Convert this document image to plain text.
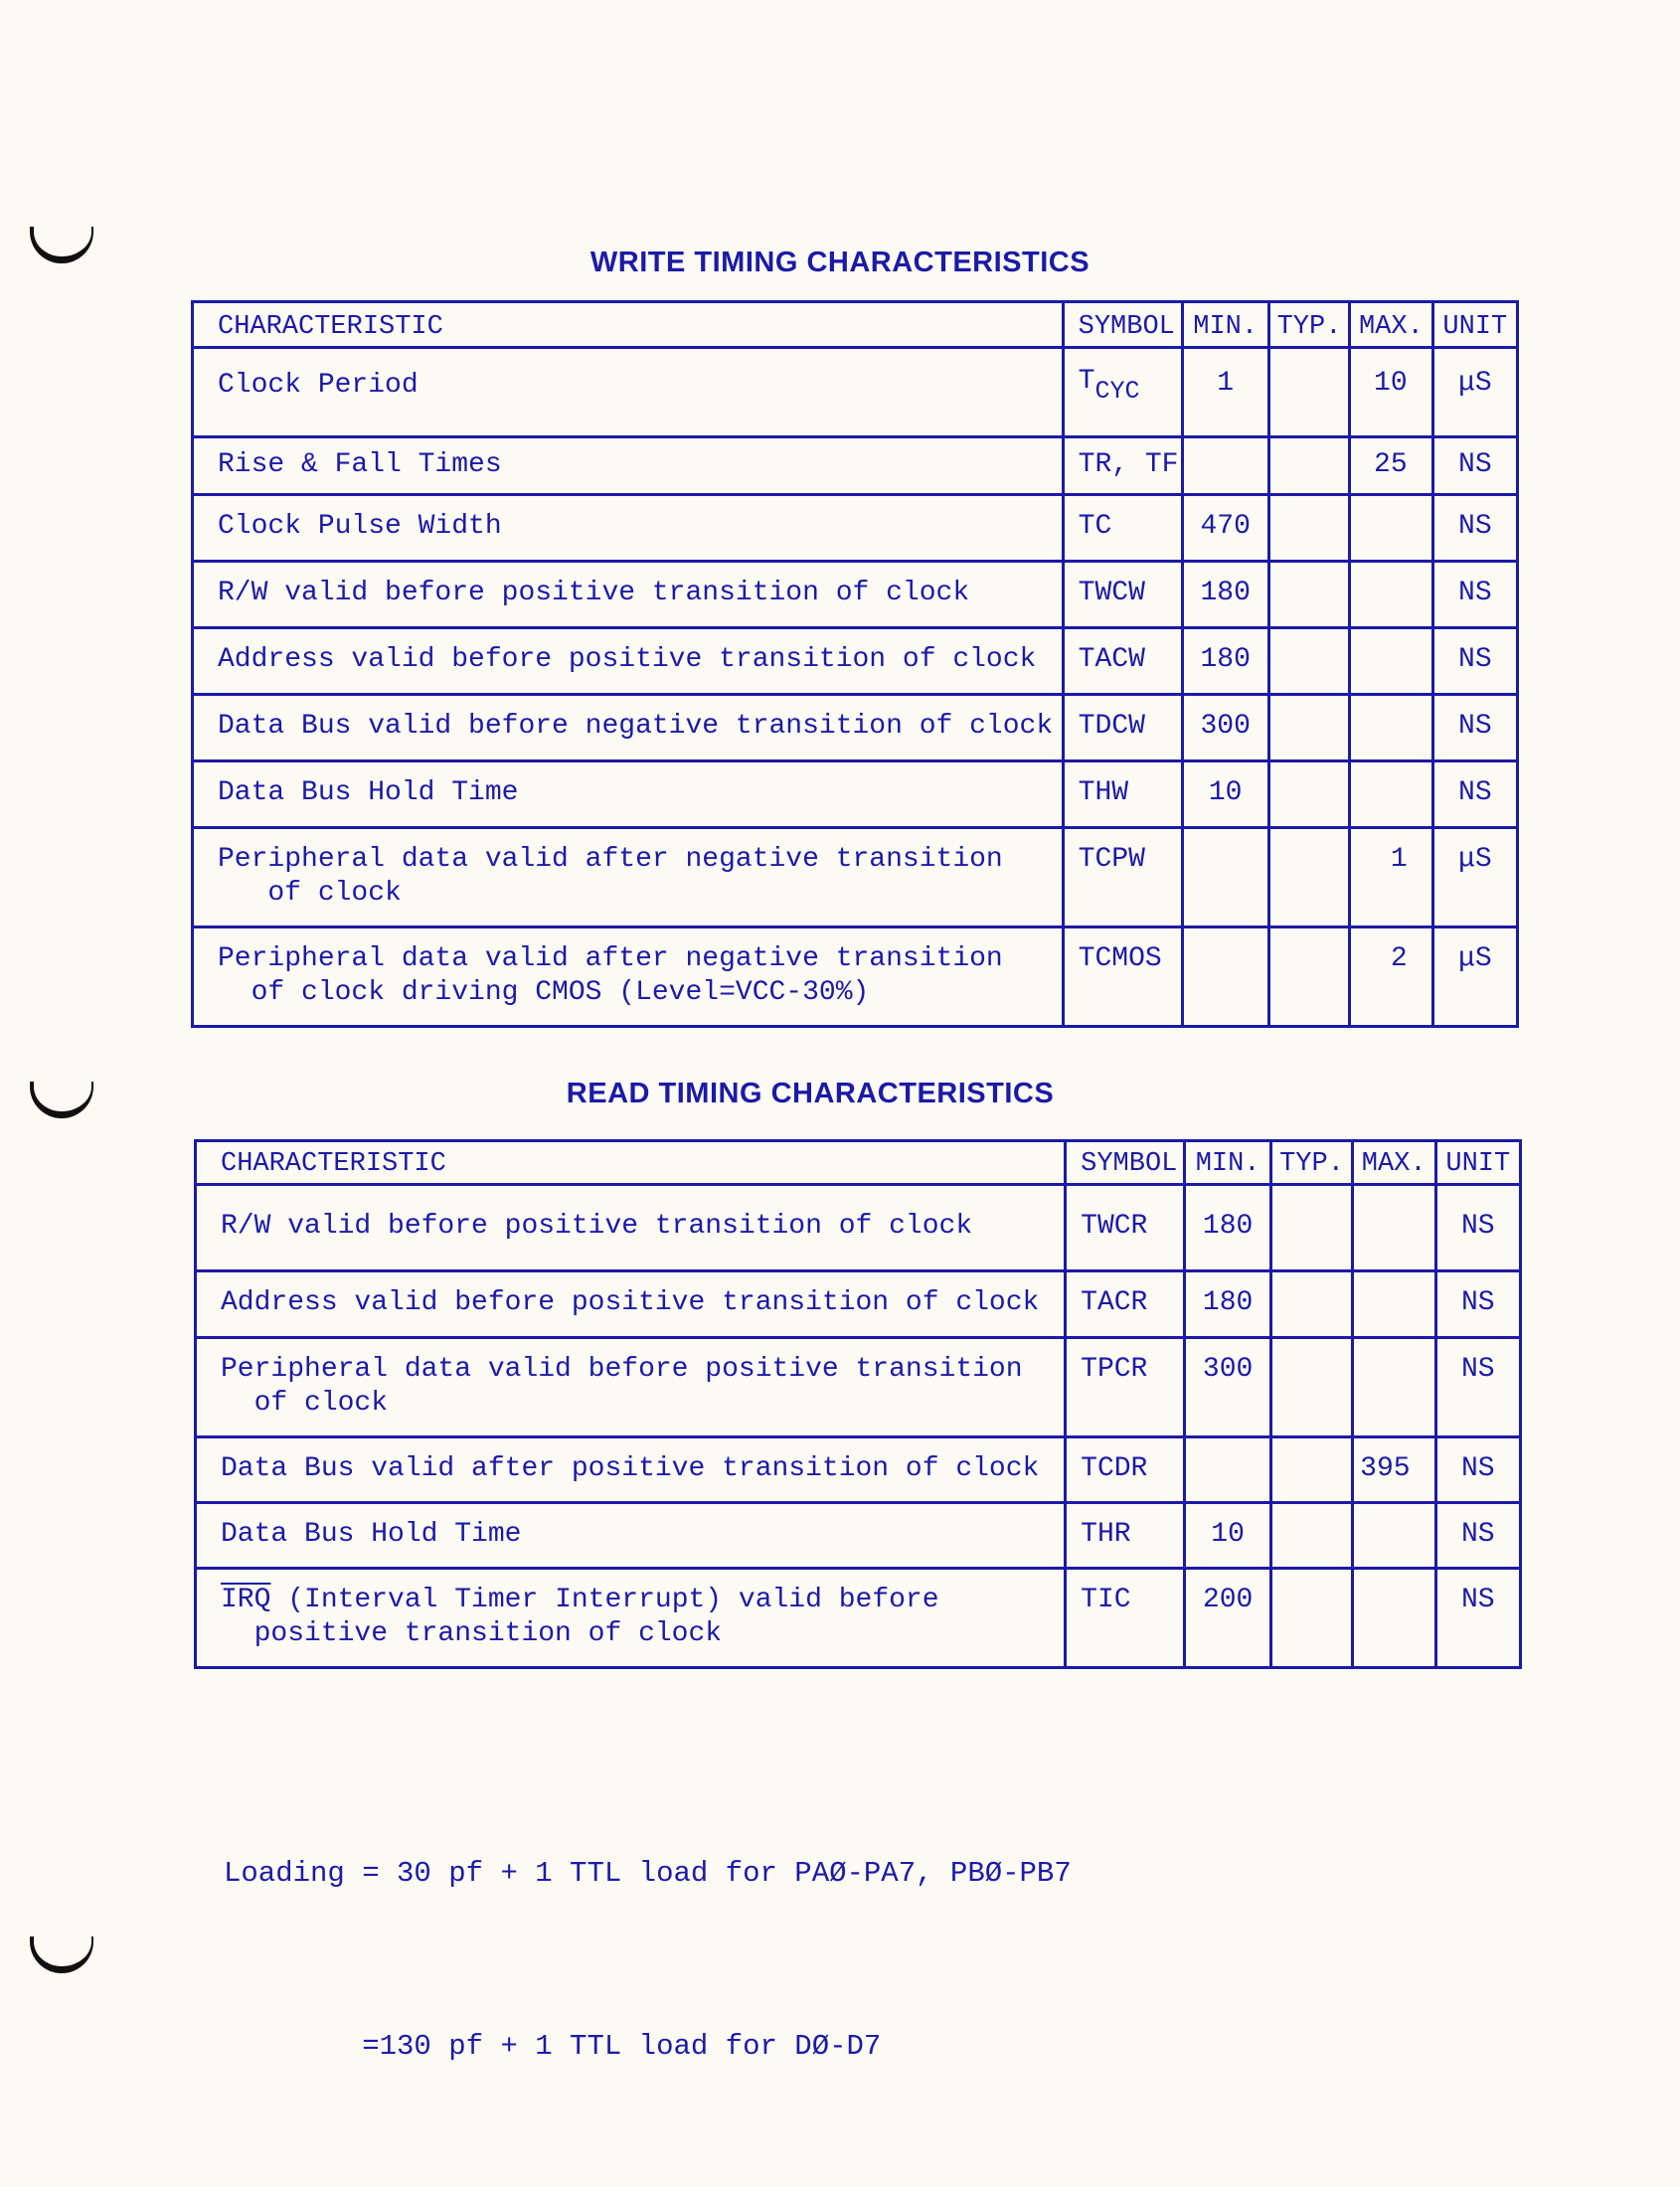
WRITE TIMING CHARACTERISTICS
CHARACTERISTIC	SYMBOL	MIN.	TYP.	MAX.	UNIT
Clock Period	TCYC	1		10	μS
Rise & Fall Times	TR, TF			25	NS
Clock Pulse Width	TC	470			NS
R/W valid before positive transition of clock	TWCW	180			NS
Address valid before positive transition of clock	TACW	180			NS
Data Bus valid before negative transition of clock	TDCW	300			NS
Data Bus Hold Time	THW	10			NS
Peripheral data valid after negative transition
of clock	TCPW			1	μS
Peripheral data valid after negative transition
of clock driving CMOS (Level=VCC-30%)	TCMOS			2	μS
READ TIMING CHARACTERISTICS
CHARACTERISTIC	SYMBOL	MIN.	TYP.	MAX.	UNIT
R/W valid before positive transition of clock	TWCR	180			NS
Address valid before positive transition of clock	TACR	180			NS
Peripheral data valid before positive transition
of clock	TPCR	300			NS
Data Bus valid after positive transition of clock	TCDR			395	NS
Data Bus Hold Time	THR	10			NS
$\overline{IRQ}$ (Interval Timer Interrupt) valid before
positive transition of clock	TIC	200			NS

Loading = 30 pf + 1 TTL load for PAØ-PA7, PBØ-PB7

=130 pf + 1 TTL load for DØ-D7
